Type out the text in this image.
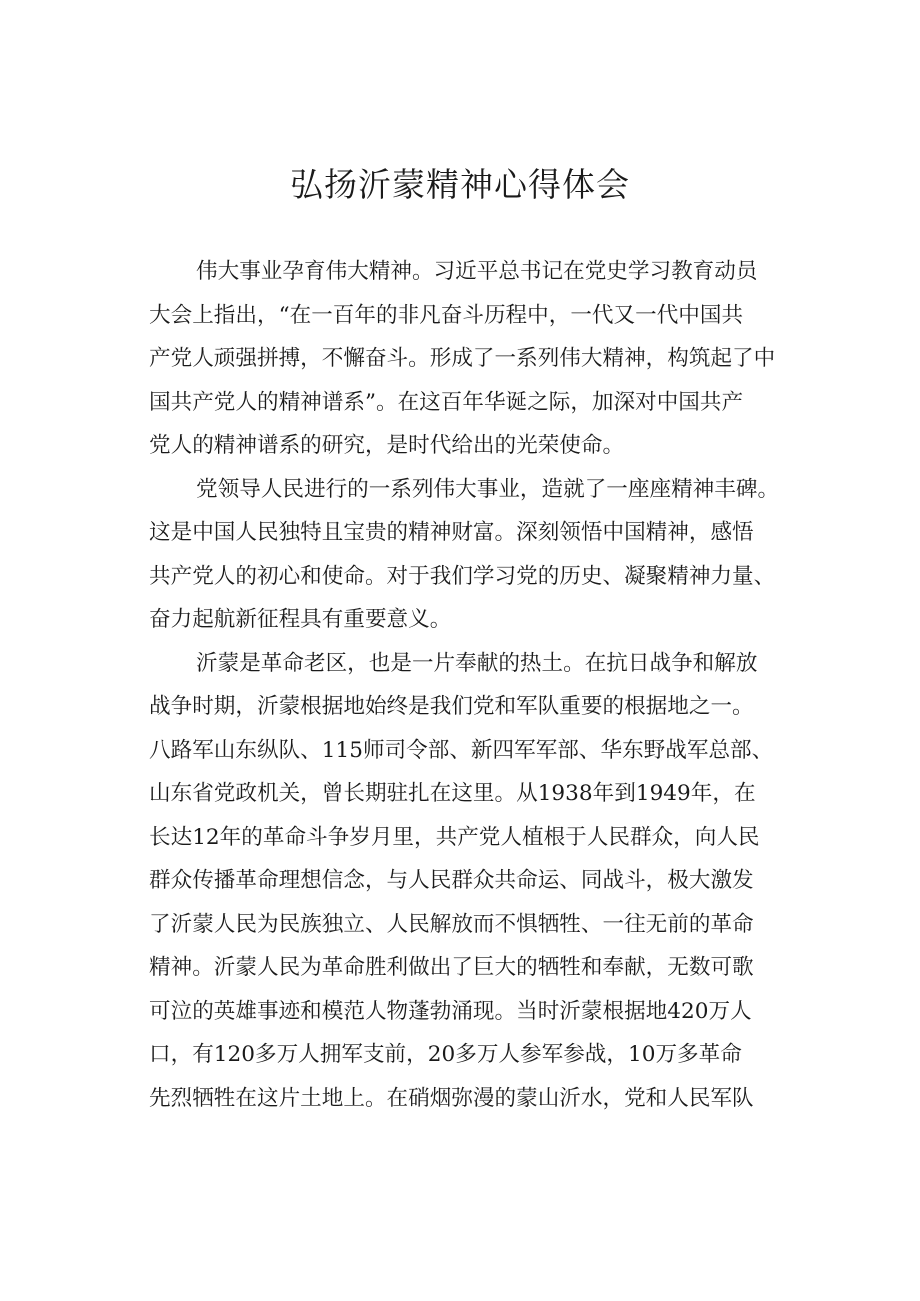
弘扬沂蒙精神心得体会
伟大事业孕育伟大精神。习近平总书记在党史学习教育动员
大会上指出，“在一百年的非凡奋斗历程中，一代又一代中国共
产党人顽强拼搏，不懈奋斗。形成了一系列伟大精神，构筑起了中
国共产党人的精神谱系”。在这百年华诞之际，加深对中国共产
党人的精神谱系的研究，是时代给出的光荣使命。
党领导人民进行的一系列伟大事业，造就了一座座精神丰碑。
这是中国人民独特且宝贵的精神财富。深刻领悟中国精神，感悟
共产党人的初心和使命。对于我们学习党的历史、凝聚精神力量、
奋力起航新征程具有重要意义。
沂蒙是革命老区，也是一片奉献的热土。在抗日战争和解放
战争时期，沂蒙根据地始终是我们党和军队重要的根据地之一。
八路军山东纵队、115师司令部、新四军军部、华东野战军总部、
山东省党政机关，曾长期驻扎在这里。从1938年到1949年，在
长达12年的革命斗争岁月里，共产党人植根于人民群众，向人民
群众传播革命理想信念，与人民群众共命运、同战斗，极大激发
了沂蒙人民为民族独立、人民解放而不惧牺牲、一往无前的革命
精神。沂蒙人民为革命胜利做出了巨大的牺牲和奉献，无数可歌
可泣的英雄事迹和模范人物蓬勃涌现。当时沂蒙根据地420万人
口，有120多万人拥军支前，20多万人参军参战，10万多革命
先烈牺牲在这片土地上。在硝烟弥漫的蒙山沂水，党和人民军队
